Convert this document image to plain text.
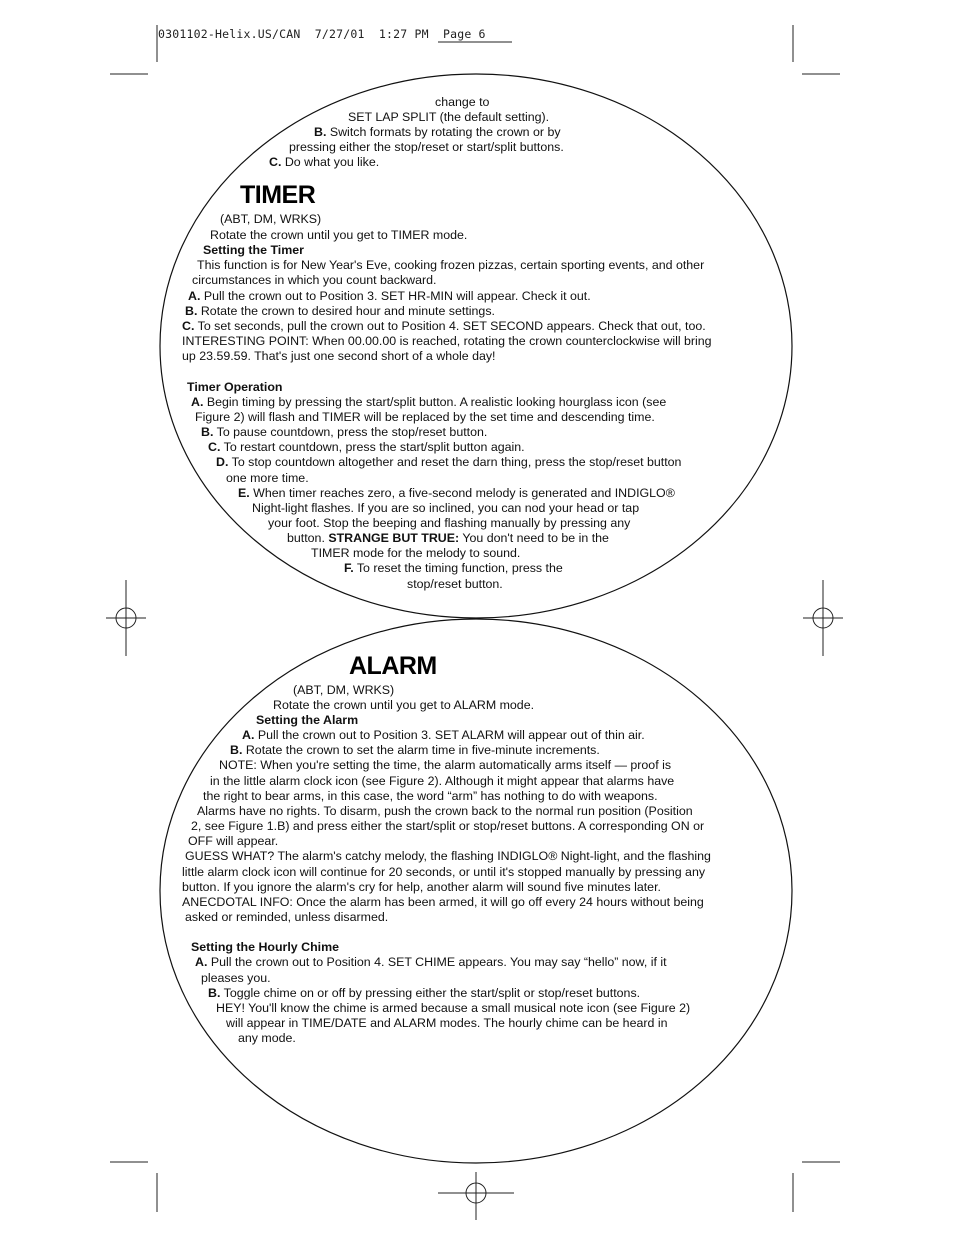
0301102-Helix.US/CAN  7/27/01  1:27 PM  Page 6
change to
SET LAP SPLIT (the default setting).
B. Switch formats by rotating the crown or by
pressing either the stop/reset or start/split buttons.
C. Do what you like.
TIMER
(ABT, DM, WRKS)
Rotate the crown until you get to TIMER mode.
Setting the Timer
This function is for New Year's Eve, cooking frozen pizzas, certain sporting events, and other
circumstances in which you count backward.
A. Pull the crown out to Position 3. SET HR-MIN will appear. Check it out.
B. Rotate the crown to desired hour and minute settings.
C. To set seconds, pull the crown out to Position 4. SET SECOND appears. Check that out, too.
INTERESTING POINT: When 00.00.00 is reached, rotating the crown counterclockwise will bring
up 23.59.59. That's just one second short of a whole day!
Timer Operation
A. Begin timing by pressing the start/split button. A realistic looking hourglass icon (see
Figure 2) will flash and TIMER will be replaced by the set time and descending time.
B. To pause countdown, press the stop/reset button.
C. To restart countdown, press the start/split button again.
D. To stop countdown altogether and reset the darn thing, press the stop/reset button
one more time.
E. When timer reaches zero, a five-second melody is generated and INDIGLO®
Night-light flashes. If you are so inclined, you can nod your head or tap
your foot. Stop the beeping and flashing manually by pressing any
button. STRANGE BUT TRUE: You don't need to be in the
TIMER mode for the melody to sound.
F. To reset the timing function, press the
stop/reset button.
ALARM
(ABT, DM, WRKS)
Rotate the crown until you get to ALARM mode.
Setting the Alarm
A. Pull the crown out to Position 3. SET ALARM will appear out of thin air.
B. Rotate the crown to set the alarm time in five-minute increments.
NOTE: When you're setting the time, the alarm automatically arms itself — proof is
in the little alarm clock icon (see Figure 2). Although it might appear that alarms have
the right to bear arms, in this case, the word “arm” has nothing to do with weapons.
Alarms have no rights. To disarm, push the crown back to the normal run position (Position
2, see Figure 1.B) and press either the start/split or stop/reset buttons. A corresponding ON or
OFF will appear.
GUESS WHAT? The alarm's catchy melody, the flashing INDIGLO® Night-light, and the flashing
little alarm clock icon will continue for 20 seconds, or until it's stopped manually by pressing any
button. If you ignore the alarm's cry for help, another alarm will sound five minutes later.
ANECDOTAL INFO: Once the alarm has been armed, it will go off every 24 hours without being
asked or reminded, unless disarmed.
Setting the Hourly Chime
A. Pull the crown out to Position 4. SET CHIME appears. You may say “hello” now, if it
pleases you.
B. Toggle chime on or off by pressing either the start/split or stop/reset buttons.
HEY! You'll know the chime is armed because a small musical note icon (see Figure 2)
will appear in TIME/DATE and ALARM modes. The hourly chime can be heard in
any mode.
